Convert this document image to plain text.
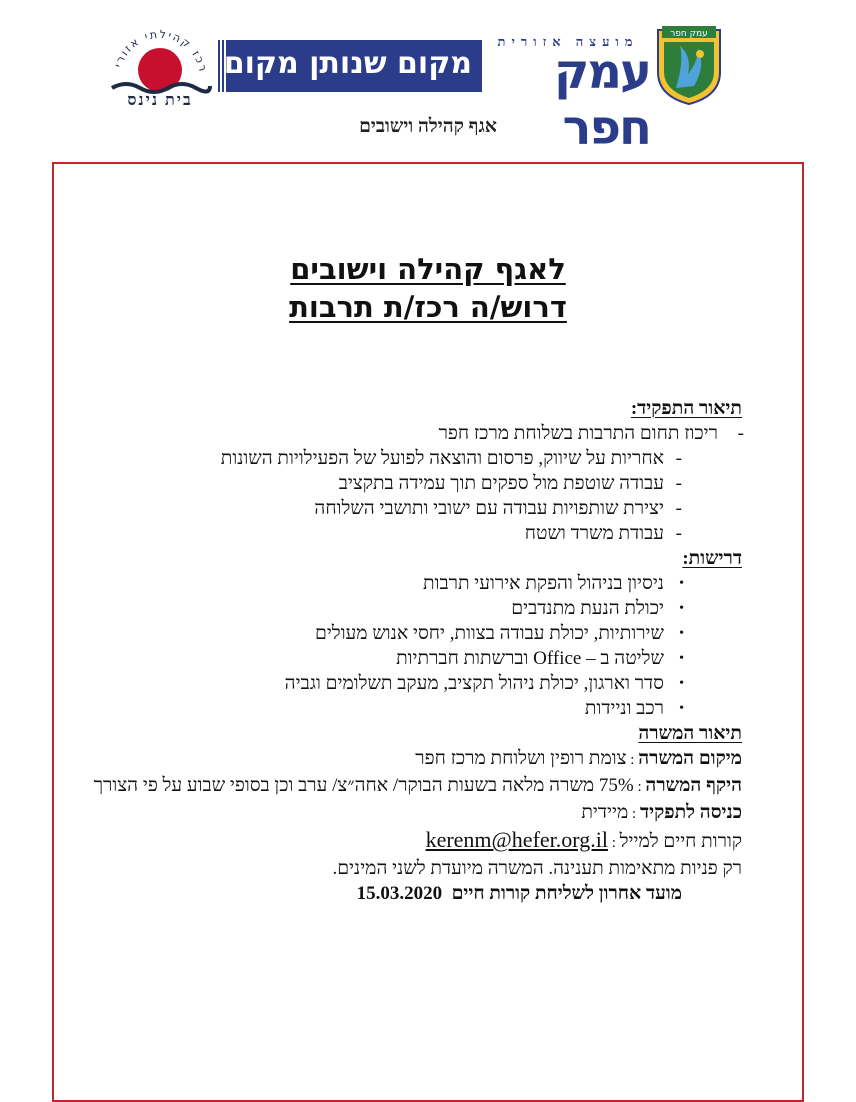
רכז קהילתי אזורי
בית נינס
מקום שנותן מקום
מועצה אזורית
עמק חפר
עמק חפר
אגף קהילה וישובים
לאגף קהילה וישובים
דרוש/ה רכז/ת תרבות
תיאור התפקיד:
- ריכוז תחום התרבות בשלוחת מרכז חפר
- אחריות על שיווק, פרסום והוצאה לפועל של הפעילויות השונות
- עבודה שוטפת מול ספקים תוך עמידה בתקציב
- יצירת שותפויות עבודה עם ישובי ותושבי השלוחה
- עבודת משרד ושטח
דרישות:
• ניסיון בניהול והפקת אירועי תרבות
• יכולת הנעת מתנדבים
• שירותיות, יכולת עבודה בצוות, יחסי אנוש מעולים
• שליטה ב – Office וברשתות חברתיות
• סדר וארגון, יכולת ניהול תקציב, מעקב תשלומים וגביה
• רכב וניידות
תיאור המשרה
מיקום המשרה : צומת רופין ושלוחת מרכז חפר
היקף המשרה : 75% משרה מלאה בשעות הבוקר/ אחה״צ/ ערב וכן בסופי שבוע על פי הצורך
כניסה לתפקיד : מיידית
קורות חיים למייל : kerenm@hefer.org.il
רק פניות מתאימות תענינה. המשרה מיועדת לשני המינים.
מועד אחרון לשליחת קורות חיים  15.03.2020
